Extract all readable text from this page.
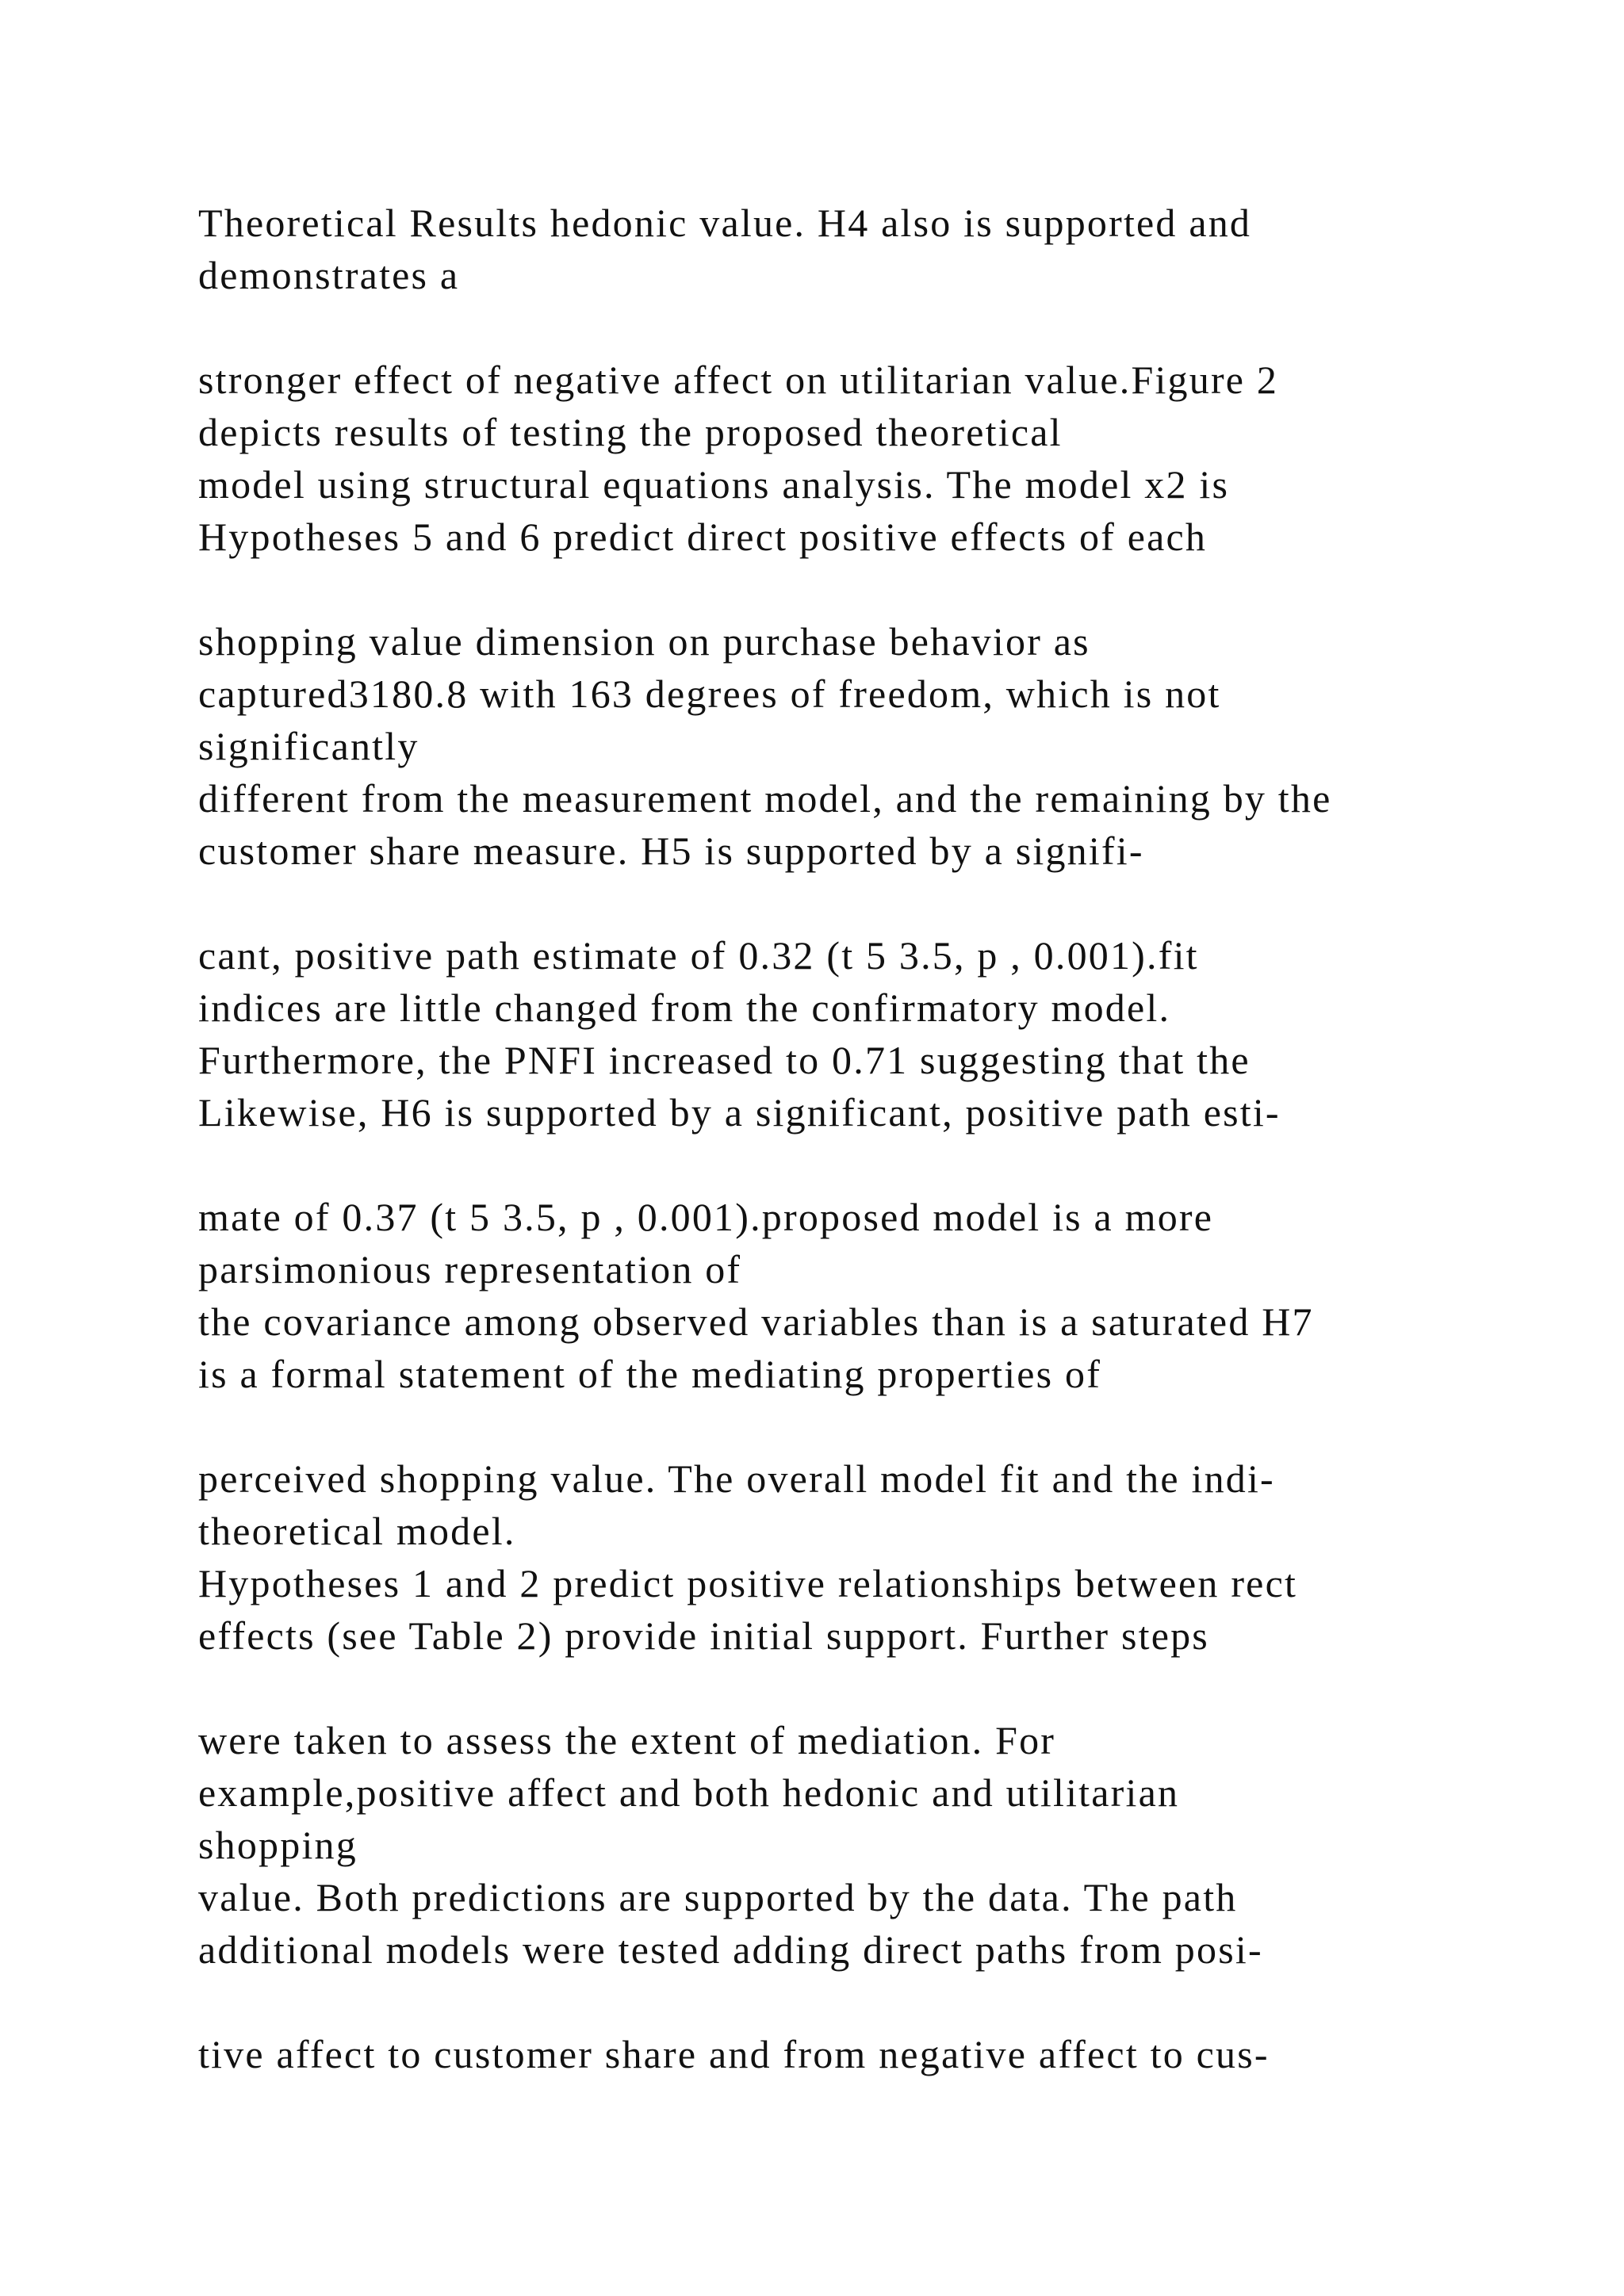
Theoretical Results hedonic value. H4 also is supported and
demonstrates a
stronger effect of negative affect on utilitarian value.Figure 2
depicts results of testing the proposed theoretical
model using structural equations analysis. The model x2 is
Hypotheses 5 and 6 predict direct positive effects of each
shopping value dimension on purchase behavior as
captured3180.8 with 163 degrees of freedom, which is not
significantly
different from the measurement model, and the remaining by the
customer share measure. H5 is supported by a signifi-
cant, positive path estimate of 0.32 (t 5 3.5, p , 0.001).fit
indices are little changed from the confirmatory model.
Furthermore, the PNFI increased to 0.71 suggesting that the
Likewise, H6 is supported by a significant, positive path esti-
mate of 0.37 (t 5 3.5, p , 0.001).proposed model is a more
parsimonious representation of
the covariance among observed variables than is a saturated H7
is a formal statement of the mediating properties of
perceived shopping value. The overall model fit and the indi-
theoretical model.
Hypotheses 1 and 2 predict positive relationships between rect
effects (see Table 2) provide initial support. Further steps
were taken to assess the extent of mediation. For
example,positive affect and both hedonic and utilitarian
shopping
value. Both predictions are supported by the data. The path
additional models were tested adding direct paths from posi-
tive affect to customer share and from negative affect to cus-
